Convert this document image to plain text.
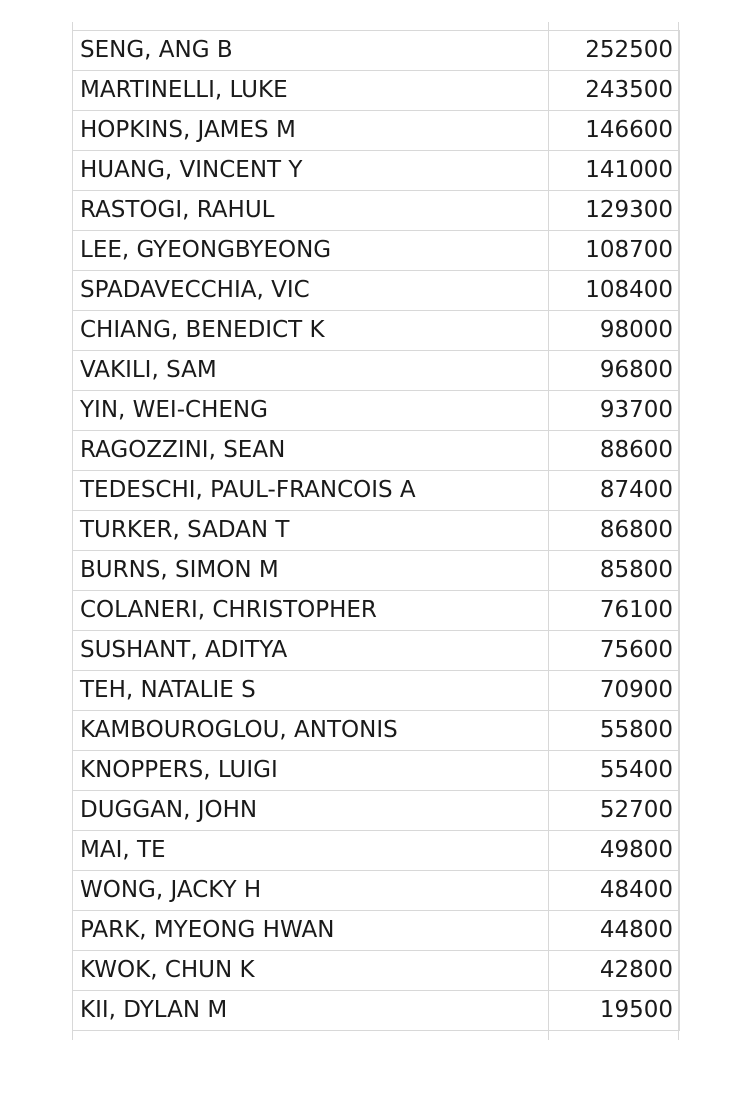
SENG, ANG B	252500
MARTINELLI, LUKE	243500
HOPKINS, JAMES M	146600
HUANG, VINCENT Y	141000
RASTOGI, RAHUL	129300
LEE, GYEONGBYEONG	108700
SPADAVECCHIA, VIC	108400
CHIANG, BENEDICT K	98000
VAKILI, SAM	96800
YIN, WEI-CHENG	93700
RAGOZZINI, SEAN	88600
TEDESCHI, PAUL-FRANCOIS A	87400
TURKER, SADAN T	86800
BURNS, SIMON M	85800
COLANERI, CHRISTOPHER	76100
SUSHANT, ADITYA	75600
TEH, NATALIE S	70900
KAMBOUROGLOU, ANTONIS	55800
KNOPPERS, LUIGI	55400
DUGGAN, JOHN	52700
MAI, TE	49800
WONG, JACKY H	48400
PARK, MYEONG HWAN	44800
KWOK, CHUN K	42800
KII, DYLAN M	19500
